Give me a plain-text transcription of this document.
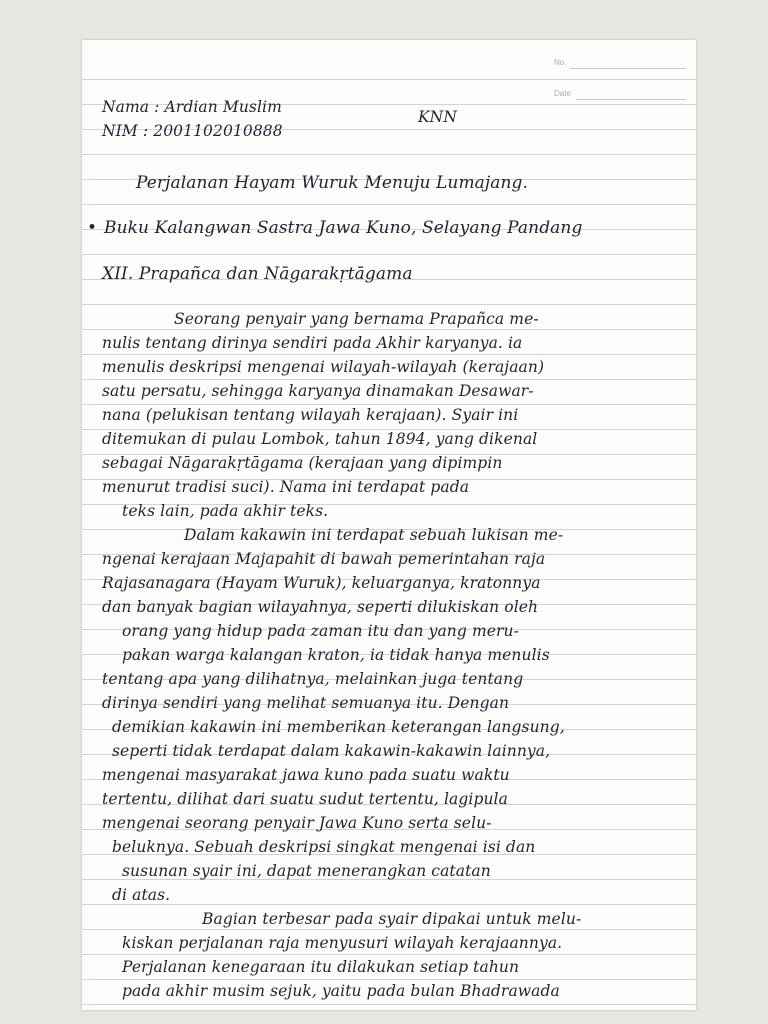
No.
Date
Nama : Ardian Muslim
NIM : 2001102010888
KNN
Perjalanan Hayam Wuruk Menuju Lumajang.
• Buku Kalangwan Sastra Jawa Kuno, Selayang Pandang
XII. Prapañca dan Nāgarakṛtāgama
Seorang penyair yang bernama Prapañca me-
nulis tentang dirinya sendiri pada Akhir karyanya. ia
menulis deskripsi mengenai wilayah-wilayah (kerajaan)
satu persatu, sehingga karyanya dinamakan Desawar-
nana (pelukisan tentang wilayah kerajaan). Syair ini
ditemukan di pulau Lombok, tahun 1894, yang dikenal
sebagai Nāgarakṛtāgama (kerajaan yang dipimpin
menurut tradisi suci). Nama ini terdapat pada
teks lain, pada akhir teks.
Dalam kakawin ini terdapat sebuah lukisan me-
ngenai kerajaan Majapahit di bawah pemerintahan raja
Rajasanagara (Hayam Wuruk), keluarganya, kratonnya
dan banyak bagian wilayahnya, seperti dilukiskan oleh
orang yang hidup pada zaman itu dan yang meru-
pakan warga kalangan kraton, ia tidak hanya menulis
tentang apa yang dilihatnya, melainkan juga tentang
dirinya sendiri yang melihat semuanya itu. Dengan
demikian kakawin ini memberikan keterangan langsung,
seperti tidak terdapat dalam kakawin-kakawin lainnya,
mengenai masyarakat jawa kuno pada suatu waktu
tertentu, dilihat dari suatu sudut tertentu, lagipula
mengenai seorang penyair Jawa Kuno serta selu-
beluknya. Sebuah deskripsi singkat mengenai isi dan
susunan syair ini, dapat menerangkan catatan
di atas.
Bagian terbesar pada syair dipakai untuk melu-
kiskan perjalanan raja menyusuri wilayah kerajaannya.
Perjalanan kenegaraan itu dilakukan setiap tahun
pada akhir musim sejuk, yaitu pada bulan Bhadrawada
